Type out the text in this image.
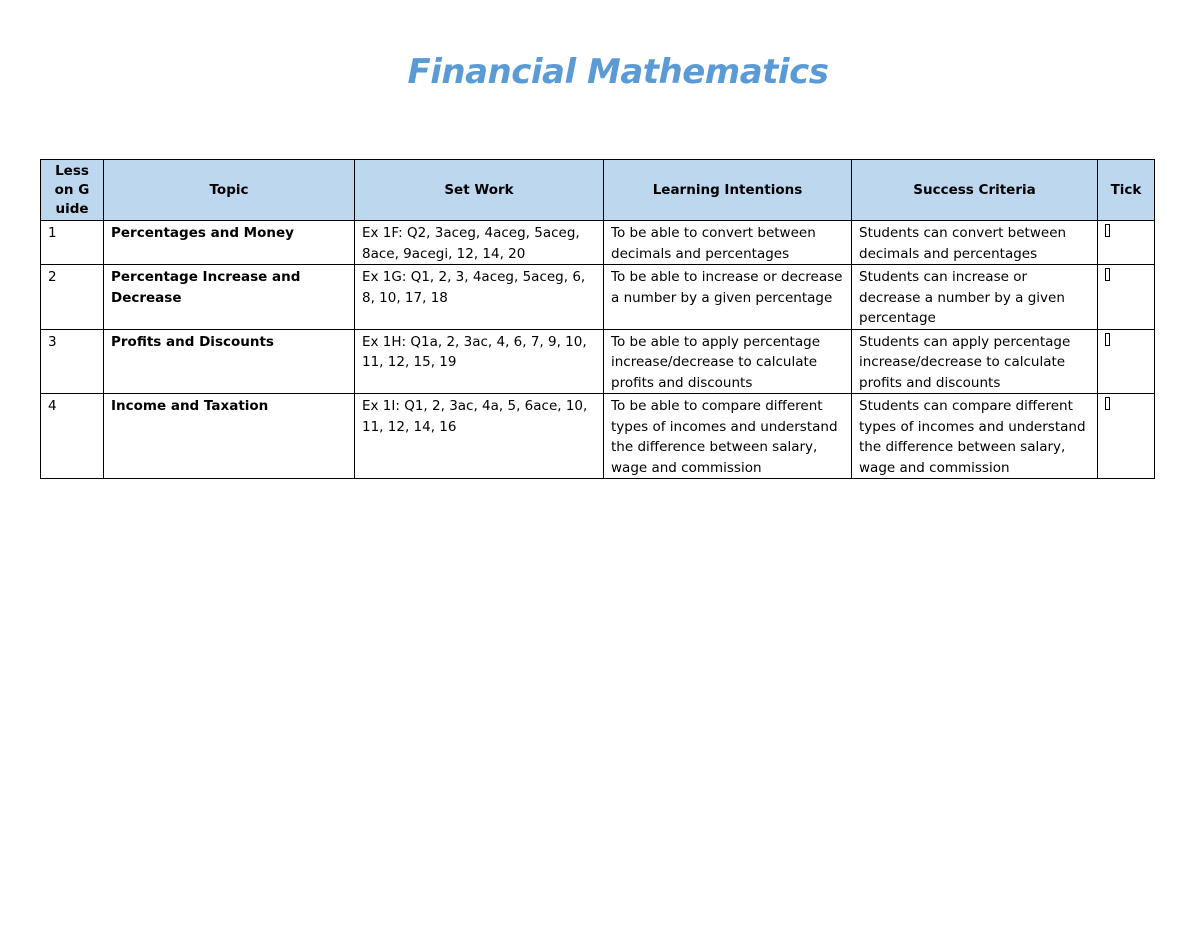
Financial Mathematics
Lesson Guide	Topic	Set Work	Learning Intentions	Success Criteria	Tick
1	Percentages and Money	Ex 1F: Q2, 3aceg, 4aceg, 5aceg, 8ace, 9acegi, 12, 14, 20	To be able to convert between decimals and percentages	Students can convert between decimals and percentages	
2	Percentage Increase and Decrease	Ex 1G: Q1, 2, 3, 4aceg, 5aceg, 6, 8, 10, 17, 18	To be able to increase or decrease a number by a given percentage	Students can increase or decrease a number by a given percentage	
3	Profits and Discounts	Ex 1H: Q1a, 2, 3ac, 4, 6, 7, 9, 10, 11, 12, 15, 19	To be able to apply percentage increase/decrease to calculate profits and discounts	Students can apply percentage increase/decrease to calculate profits and discounts	
4	Income and Taxation	Ex 1I: Q1, 2, 3ac, 4a, 5, 6ace, 10, 11, 12, 14, 16	To be able to compare different types of incomes and understand the difference between salary, wage and commission	Students can compare different types of incomes and understand the difference between salary, wage and commission	
